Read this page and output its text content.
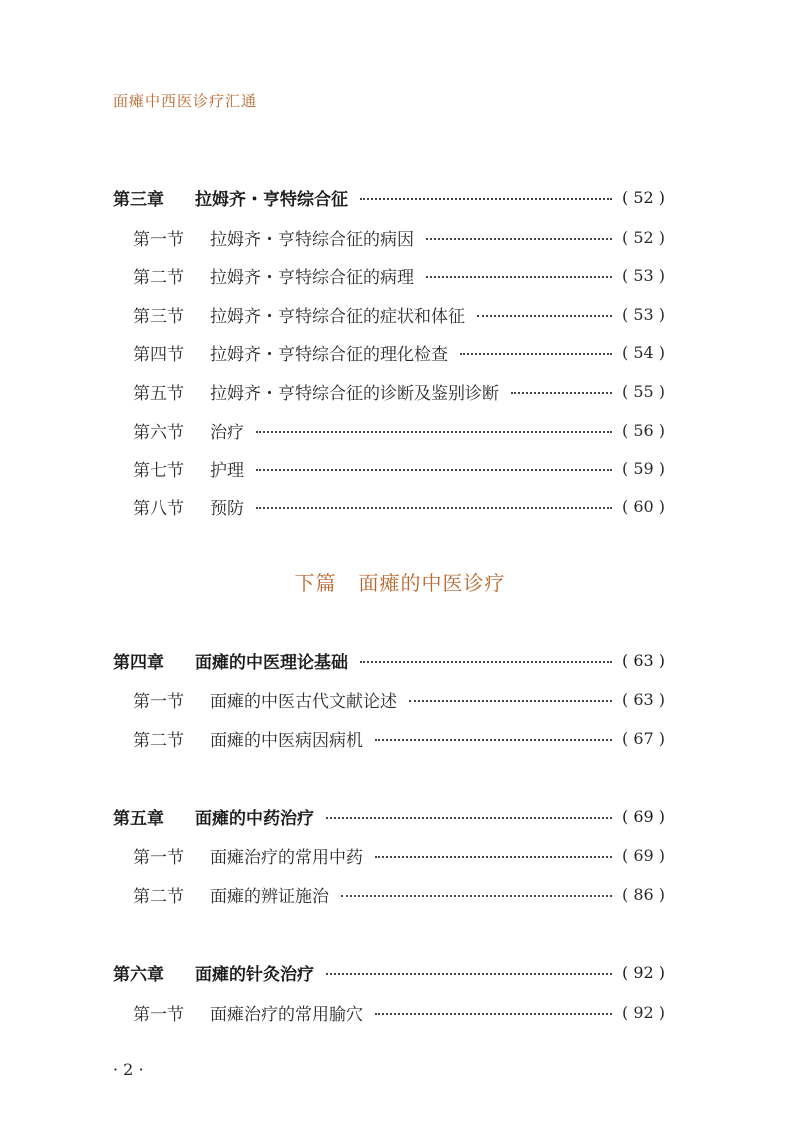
面瘫中西医诊疗汇通
第三章	拉姆齐・亨特综合征	( 52 )
第一节	拉姆齐・亨特综合征的病因	( 52 )
第二节	拉姆齐・亨特综合征的病理	( 53 )
第三节	拉姆齐・亨特综合征的症状和体征	( 53 )
第四节	拉姆齐・亨特综合征的理化检查	( 54 )
第五节	拉姆齐・亨特综合征的诊断及鉴别诊断	( 55 )
第六节	治疗	( 56 )
第七节	护理	( 59 )
第八节	预防	( 60 )
下篇 面瘫的中医诊疗
第四章	面瘫的中医理论基础	( 63 )
第一节	面瘫的中医古代文献论述	( 63 )
第二节	面瘫的中医病因病机	( 67 )
第五章	面瘫的中药治疗	( 69 )
第一节	面瘫治疗的常用中药	( 69 )
第二节	面瘫的辨证施治	( 86 )
第六章	面瘫的针灸治疗	( 92 )
第一节	面瘫治疗的常用腧穴	( 92 )
· 2 ·
